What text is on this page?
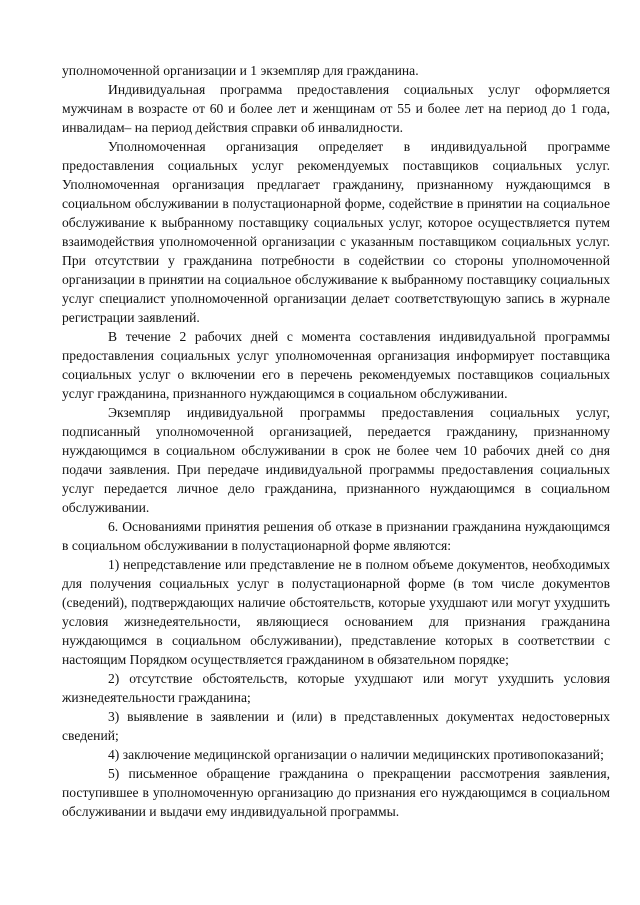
уполномоченной организации и 1 экземпляр для гражданина.

Индивидуальная программа предоставления социальных услуг оформляется мужчинам в возрасте от 60 и более лет и женщинам от 55 и более лет на период до 1 года, инвалидам– на период действия справки об инвалидности.

Уполномоченная организация определяет в индивидуальной программе предоставления социальных услуг рекомендуемых поставщиков социальных услуг. Уполномоченная организация предлагает гражданину, признанному нуждающимся в социальном обслуживании в полустационарной форме, содействие в принятии на социальное обслуживание к выбранному поставщику социальных услуг, которое осуществляется путем взаимодействия уполномоченной организации с указанным поставщиком социальных услуг. При отсутствии у гражданина потребности в содействии со стороны уполномоченной организации в принятии на социальное обслуживание к выбранному поставщику социальных услуг специалист уполномоченной организации делает соответствующую запись в журнале регистрации заявлений.

В течение 2 рабочих дней с момента составления индивидуальной программы предоставления социальных услуг уполномоченная организация информирует поставщика социальных услуг о включении его в перечень рекомендуемых поставщиков социальных услуг гражданина, признанного нуждающимся в социальном обслуживании.

Экземпляр индивидуальной программы предоставления социальных услуг, подписанный уполномоченной организацией, передается гражданину, признанному нуждающимся в социальном обслуживании в срок не более чем 10 рабочих дней со дня подачи заявления. При передаче индивидуальной программы предоставления социальных услуг передается личное дело гражданина, признанного нуждающимся в социальном обслуживании.

6. Основаниями принятия решения об отказе в признании гражданина нуждающимся в социальном обслуживании в полустационарной форме являются:

1) непредставление или представление не в полном объеме документов, необходимых для получения социальных услуг в полустационарной форме (в том числе документов (сведений), подтверждающих наличие обстоятельств, которые ухудшают или могут ухудшить условия жизнедеятельности, являющиеся основанием для признания гражданина нуждающимся в социальном обслуживании), представление которых в соответствии с настоящим Порядком осуществляется гражданином в обязательном порядке;

2) отсутствие обстоятельств, которые ухудшают или могут ухудшить условия жизнедеятельности гражданина;

3) выявление в заявлении и (или) в представленных документах недостоверных сведений;

4) заключение медицинской организации о наличии медицинских противопоказаний;

5) письменное обращение гражданина о прекращении рассмотрения заявления, поступившее в уполномоченную организацию до признания его нуждающимся в социальном обслуживании и выдачи ему индивидуальной программы.
